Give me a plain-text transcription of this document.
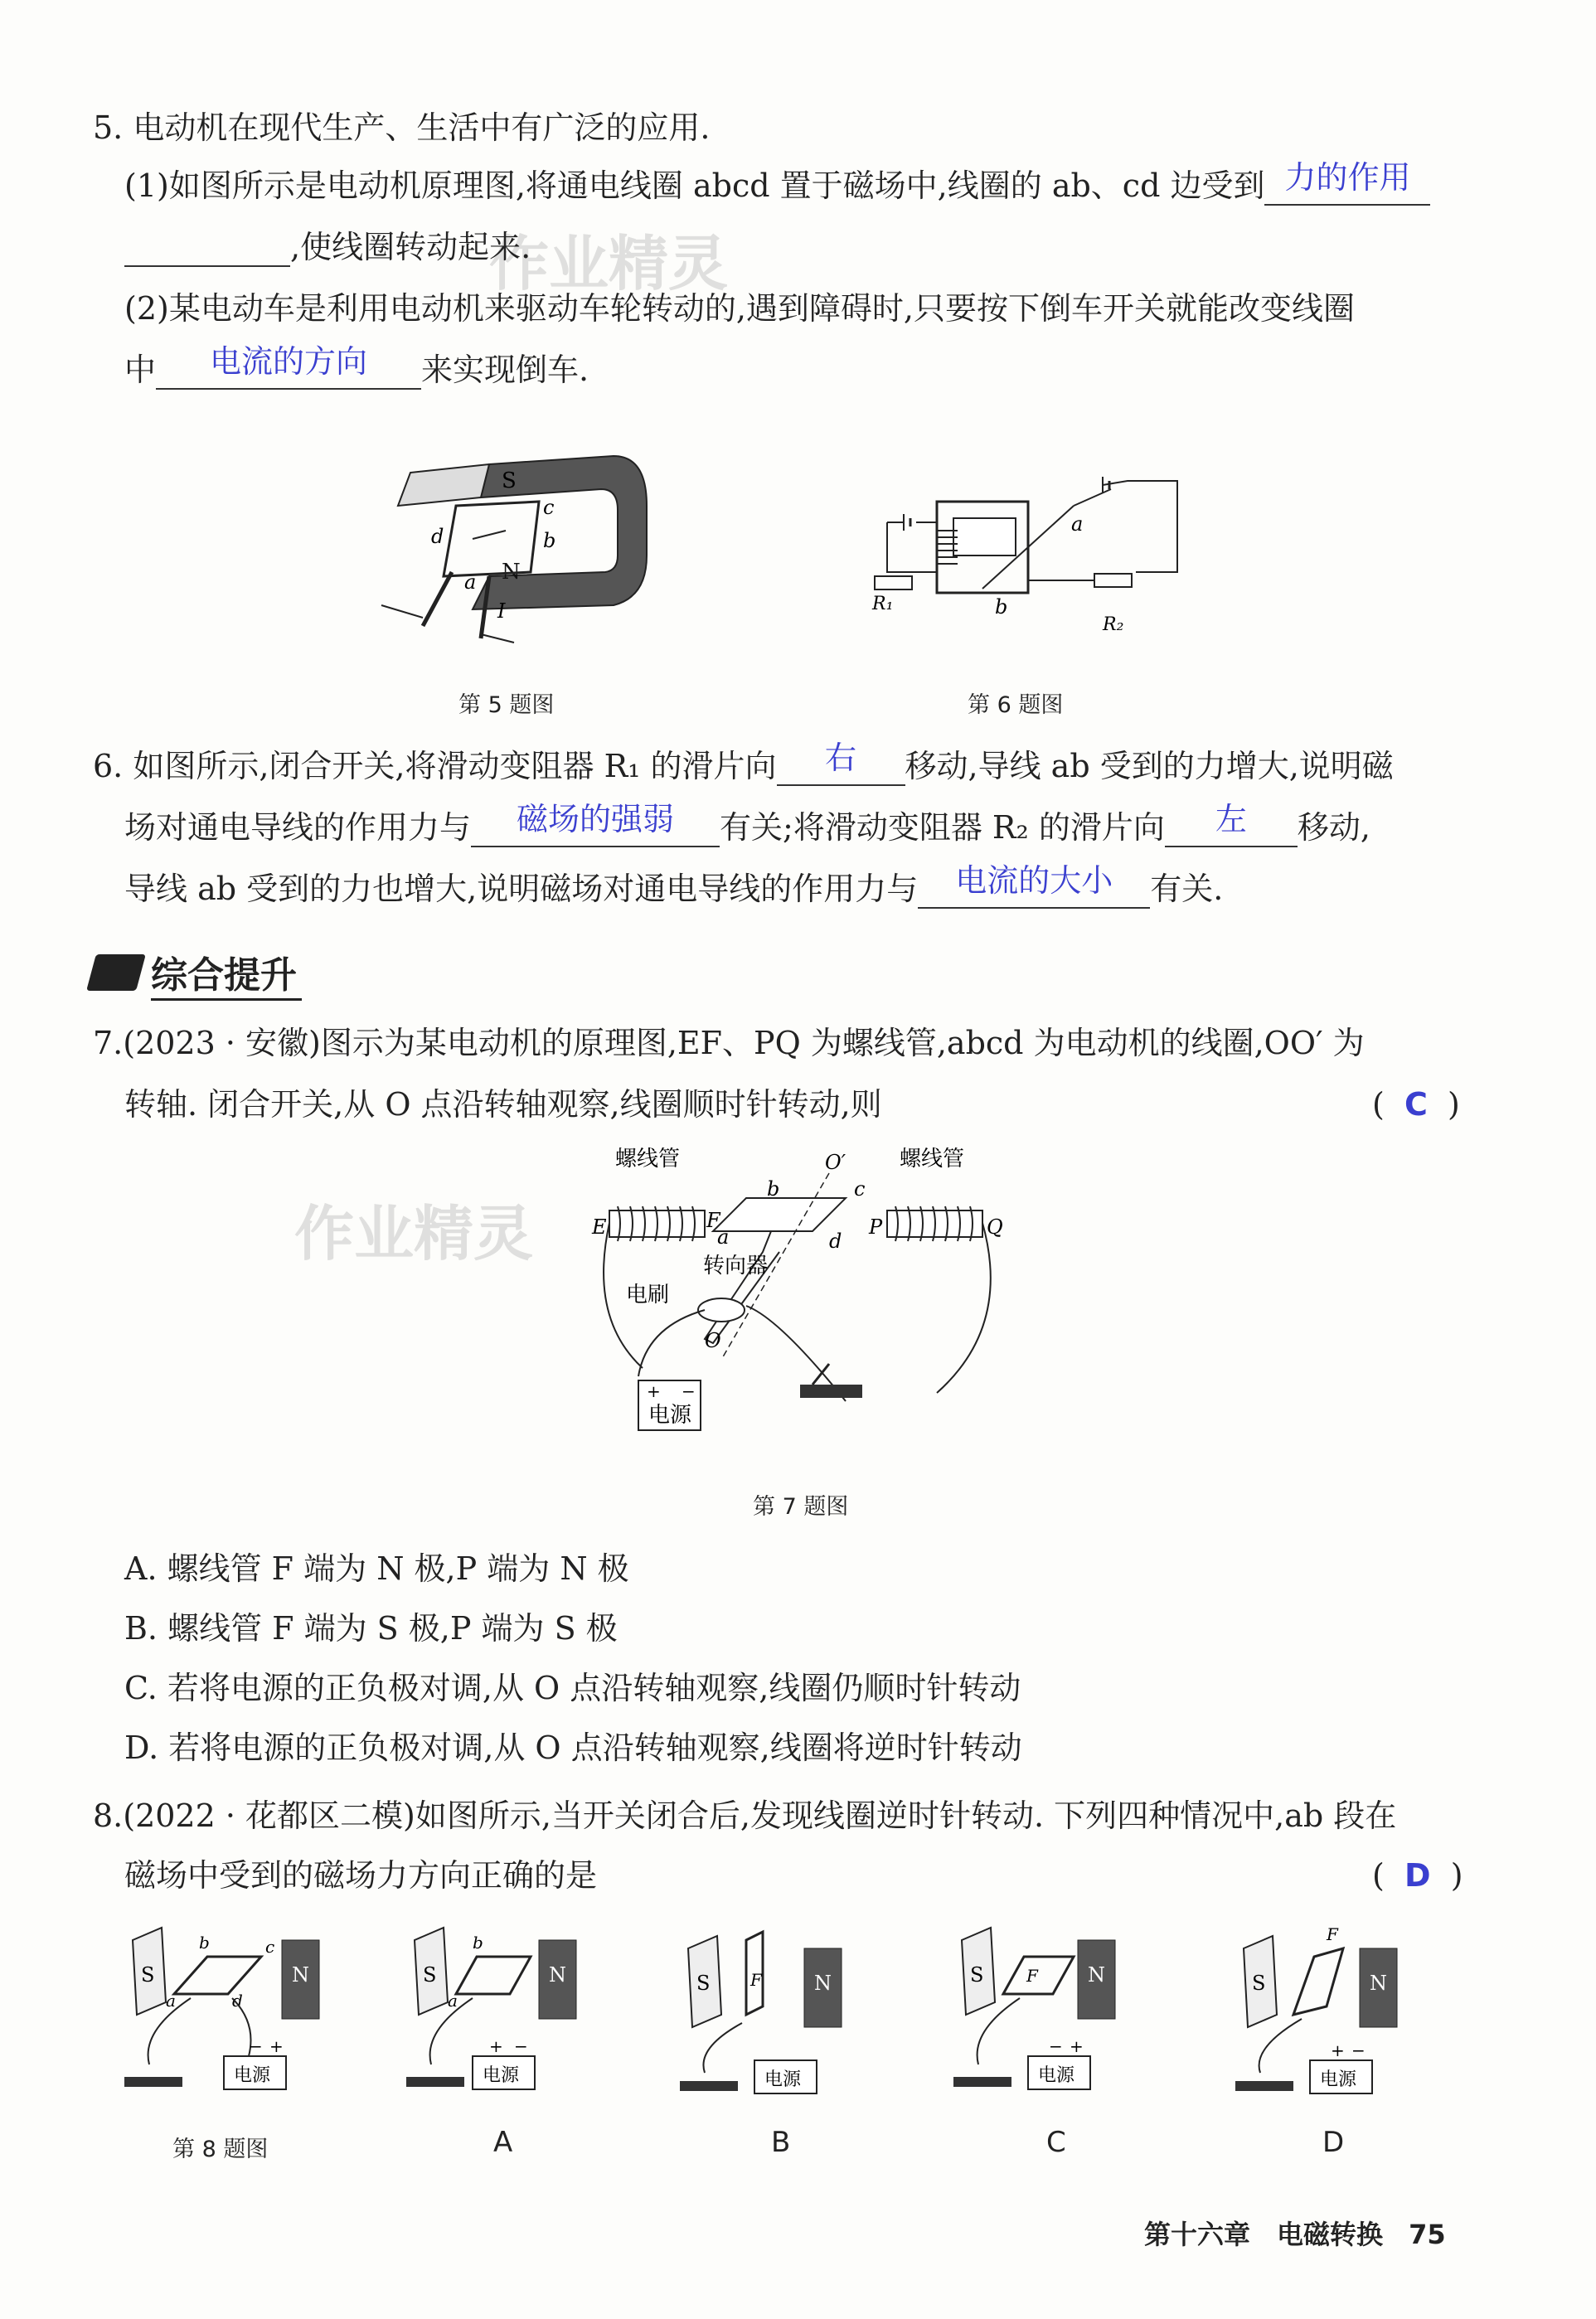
作业精灵
作业精灵
5. 电动机在现代生产、生活中有广泛的应用.
(1)如图所示是电动机原理图,将通电线圈 abcd 置于磁场中,线圈的 ab、cd 边受到 力的作用
,使线圈转动起来.
(2)某电动车是利用电动机来驱动车轮转动的,遇到障碍时,只要按下倒车开关就能改变线圈
中	电流的方向	来实现倒车.
S
N
c
b
d
a
I
第 5 题图
a
b
R₁
R₂
第 6 题图
6. 如图所示,闭合开关,将滑动变阻器 R₁ 的滑片向	右	移动,导线 ab 受到的力增大,说明磁
场对通电导线的作用力与	磁场的强弱	有关;将滑动变阻器 R₂ 的滑片向	左	移动,
导线 ab 受到的力也增大,说明磁场对通电导线的作用力与	电流的大小	有关.
综合提升
7.(2023 · 安徽)图示为某电动机的原理图,EF、PQ 为螺线管,abcd 为电动机的线圈,OO′ 为
转轴. 闭合开关,从 O 点沿转轴观察,线圈顺时针转动,则	(  C  )
螺线管	螺线管
E	F	P	Q
O′
b	c
a	d
转向器
电刷
O
+ −
电源
第 7 题图
A. 螺线管 F 端为 N 极,P 端为 N 极
B. 螺线管 F 端为 S 极,P 端为 S 极
C. 若将电源的正负极对调,从 O 点沿转轴观察,线圈仍顺时针转动
D. 若将电源的正负极对调,从 O 点沿转轴观察,线圈将逆时针转动
8.(2022 · 花都区二模)如图所示,当开关闭合后,发现线圈逆时针转动. 下列四种情况中,ab 段在
磁场中受到的磁场力方向正确的是	(  D  )
S	N
b
a
c
d
电源
− +
S	N
b
a
电源
+ −
S	N
F
电源
S	N
F
电源
− +
S	N
F
电源
+ −
第 8 题图	A	B	C	D
第十六章　电磁转换 75
